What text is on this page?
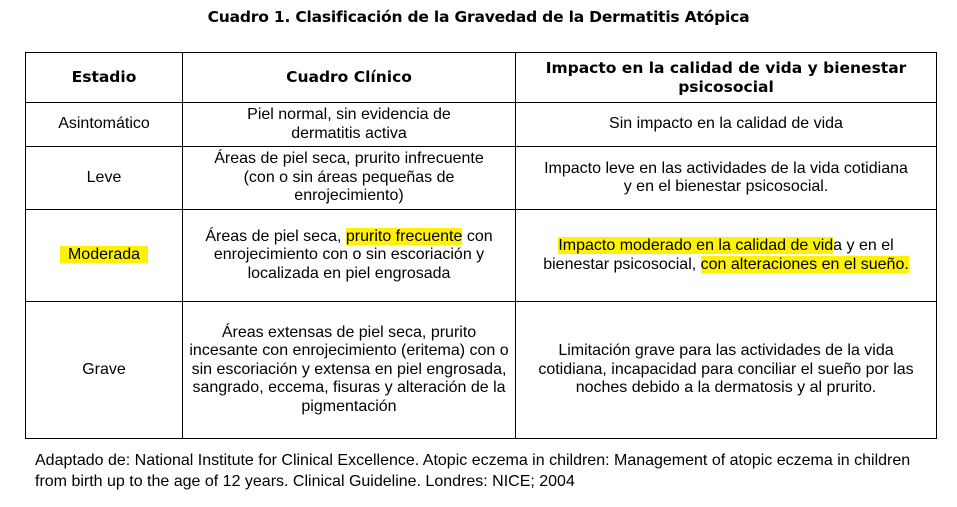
Cuadro 1. Clasificación de la Gravedad de la Dermatitis Atópica
Estadio	Cuadro Clínico	Impacto en la calidad de vida y bienestar psicosocial
Asintomático	Piel normal, sin evidencia de dermatitis activa	Sin impacto en la calidad de vida
Leve	Áreas de piel seca, prurito infrecuente (con o sin áreas pequeñas de enrojecimiento)	Impacto leve en las actividades de la vida cotidiana y en el bienestar psicosocial.
Moderada	Áreas de piel seca, prurito frecuente con enrojecimiento con o sin escoriación y localizada en piel engrosada	Impacto moderado en la calidad de vida y en el bienestar psicosocial, con alteraciones en el sueño.
Grave	Áreas extensas de piel seca, prurito incesante con enrojecimiento (eritema) con o sin escoriación y extensa en piel engrosada, sangrado, eccema, fisuras y alteración de la pigmentación	Limitación grave para las actividades de la vida cotidiana, incapacidad para conciliar el sueño por las noches debido a la dermatosis y al prurito.
Adaptado de: National Institute for Clinical Excellence. Atopic eczema in children: Management of atopic eczema in children from birth up to the age of 12 years. Clinical Guideline. Londres: NICE; 2004
